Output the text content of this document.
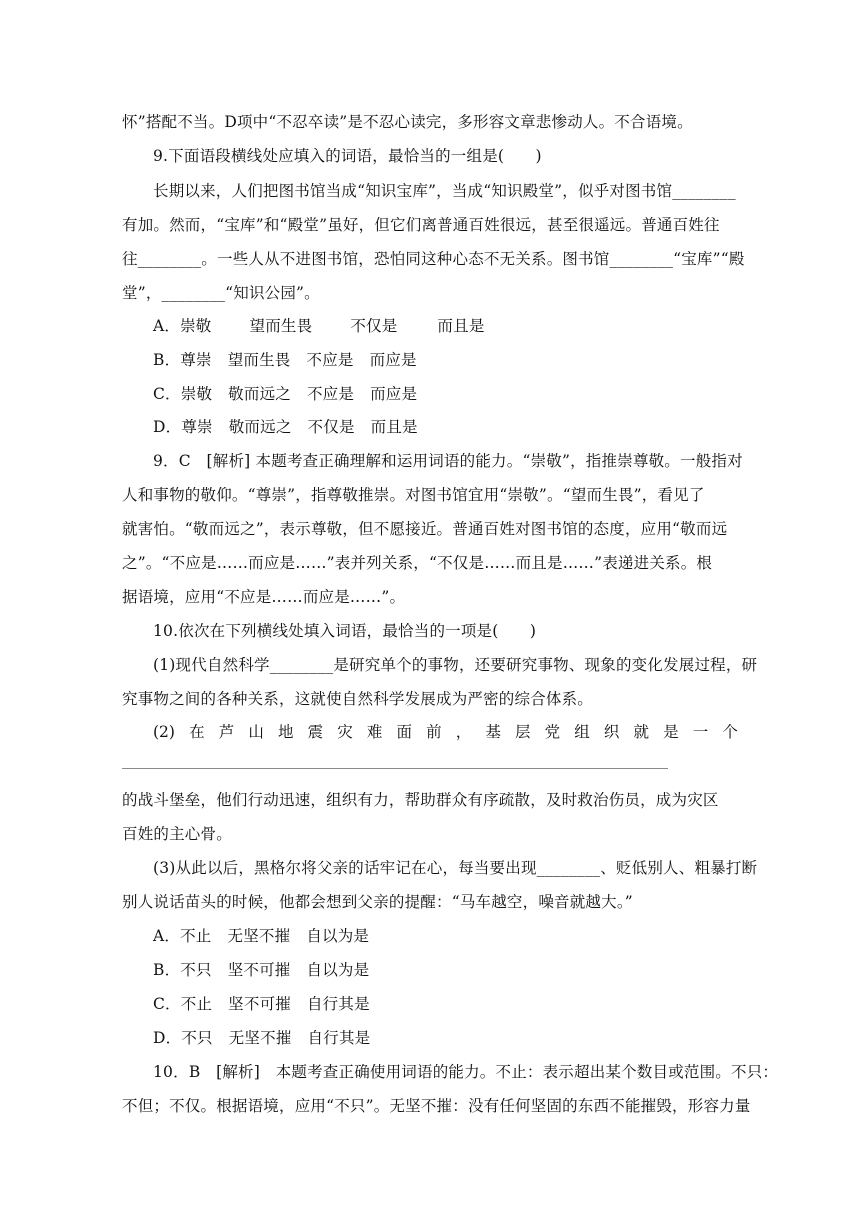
怀”搭配不当。D项中“不忍卒读”是不忍心读完，多形容文章悲惨动人。不合语境。
9.下面语段横线处应填入的词语，最恰当的一组是(　　)
长期以来，人们把图书馆当成“知识宝库”，当成“知识殿堂”，似乎对图书馆________
有加。然而，“宝库”和“殿堂”虽好，但它们离普通百姓很远，甚至很遥远。普通百姓往
往________。一些人从不进图书馆，恐怕同这种心态不无关系。图书馆________“宝库”“殿
堂”，________“知识公园”。
A．崇敬 望而生畏 不仅是	而且是
B．尊崇 望而生畏 不应是 而应是
C．崇敬 敬而远之 不应是 而应是
D．尊崇 敬而远之 不仅是 而且是
9．C　[解析] 本题考查正确理解和运用词语的能力。“崇敬”，指推崇尊敬。一般指对
人和事物的敬仰。“尊崇”，指尊敬推崇。对图书馆宜用“崇敬”。“望而生畏”，看见了
就害怕。“敬而远之”，表示尊敬，但不愿接近。普通百姓对图书馆的态度，应用“敬而远
之”。“不应是……而应是……”表并列关系，“不仅是……而且是……”表递进关系。根
据语境，应用“不应是……而应是……”。
10.依次在下列横线处填入词语，最恰当的一项是(　　)
(1)现代自然科学________是研究单个的事物，还要研究事物、现象的变化发展过程，研
究事物之间的各种关系，这就使自然科学发展成为严密的综合体系。
(2) 在 芦 山 地 震 灾 难 面 前 ， 基 层 党 组 织 就 是 一 个
的战斗堡垒，他们行动迅速，组织有力，帮助群众有序疏散，及时救治伤员，成为灾区
百姓的主心骨。
(3)从此以后，黑格尔将父亲的话牢记在心，每当要出现________、贬低别人、粗暴打断
别人说话苗头的时候，他都会想到父亲的提醒：“马车越空，噪音就越大。”
A．不止 无坚不摧 自以为是
B．不只 坚不可摧 自以为是
C．不止 坚不可摧 自行其是
D．不只 无坚不摧 自行其是
10．B　[解析]　本题考查正确使用词语的能力。不止：表示超出某个数目或范围。不只：
不但；不仅。根据语境，应用“不只”。无坚不摧：没有任何坚固的东西不能摧毁，形容力量
